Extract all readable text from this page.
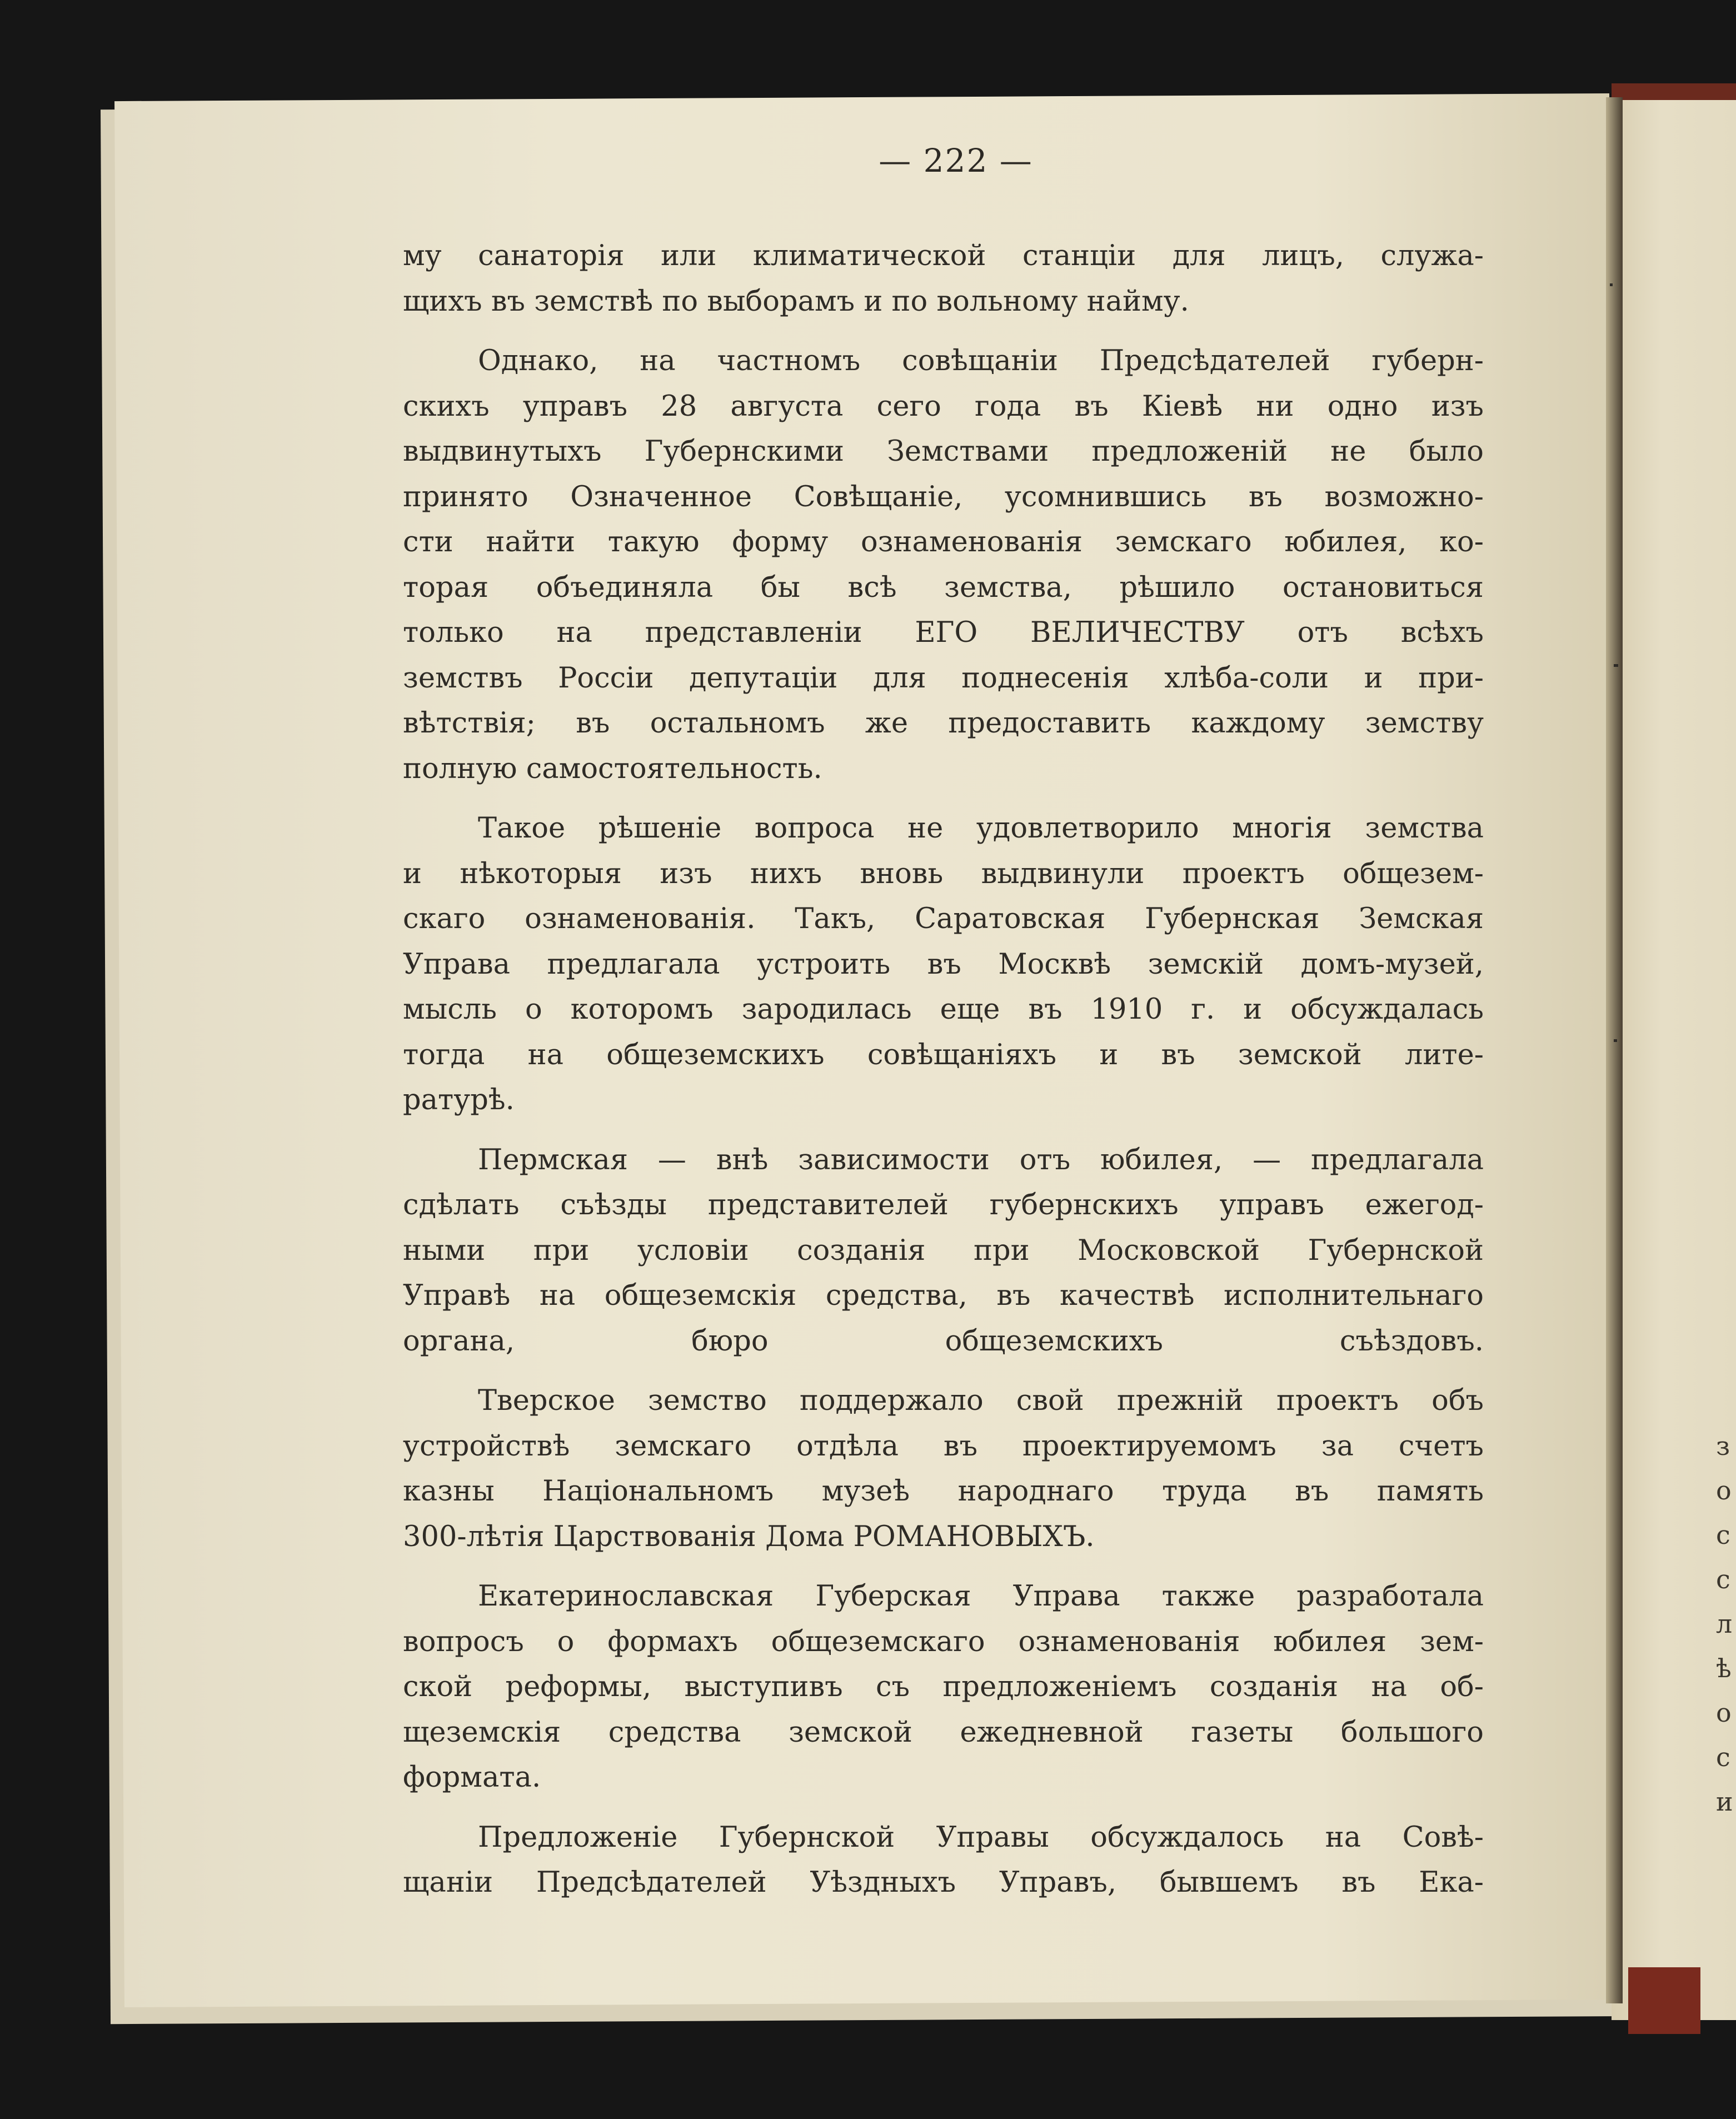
— 222 —
му санаторія или климатической станціи для лицъ, служа-
щихъ въ земствѣ по выборамъ и по вольному найму.
Однако, на частномъ совѣщаніи Предсѣдателей губерн-
скихъ управъ 28 августа сего года въ Кіевѣ ни одно изъ
выдвинутыхъ Губернскими Земствами предложеній не было
принято Означенное Совѣщаніе, усомнившись въ возможно-
сти найти такую форму ознаменованія земскаго юбилея, ко-
торая объединяла бы всѣ земства, рѣшило остановиться
только на представленіи ЕГО ВЕЛИЧЕСТВУ отъ всѣхъ
земствъ Россіи депутаціи для поднесенія хлѣба-соли и при-
вѣтствія; въ остальномъ же предоставить каждому земству
полную самостоятельность.
Такое рѣшеніе вопроса не удовлетворило многія земства
и нѣкоторыя изъ нихъ вновь выдвинули проектъ общезем-
скаго ознаменованія. Такъ, Саратовская Губернская Земская
Управа предлагала устроить въ Москвѣ земскій домъ-музей,
мысль о которомъ зародилась еще въ 1910 г. и обсуждалась
тогда на общеземскихъ совѣщаніяхъ и въ земской лите-
ратурѣ.
Пермская — внѣ зависимости отъ юбилея, — предлагала
сдѣлать съѣзды представителей губернскихъ управъ ежегод-
ными при условіи созданія при Московской Губернской
Управѣ на общеземскія средства, въ качествѣ исполнительнаго
органа, бюро общеземскихъ съѣздовъ.
Тверское земство поддержало свой прежній проектъ объ
устройствѣ земскаго отдѣла въ проектируемомъ за счетъ
казны Національномъ музеѣ народнаго труда въ память
300-лѣтія Царствованія Дома РОМАНОВЫХЪ.
Екатеринославская Губерская Управа также разработала
вопросъ о формахъ общеземскаго ознаменованія юбилея зем-
ской реформы, выступивъ съ предложеніемъ созданія на об-
щеземскія средства земской ежедневной газеты большого
формата.
Предложеніе Губернской Управы обсуждалось на Совѣ-
щаніи Предсѣдателей Уѣздныхъ Управъ, бывшемъ въ Ека-
з
о
с
с
л
ѣ
о
с
и
